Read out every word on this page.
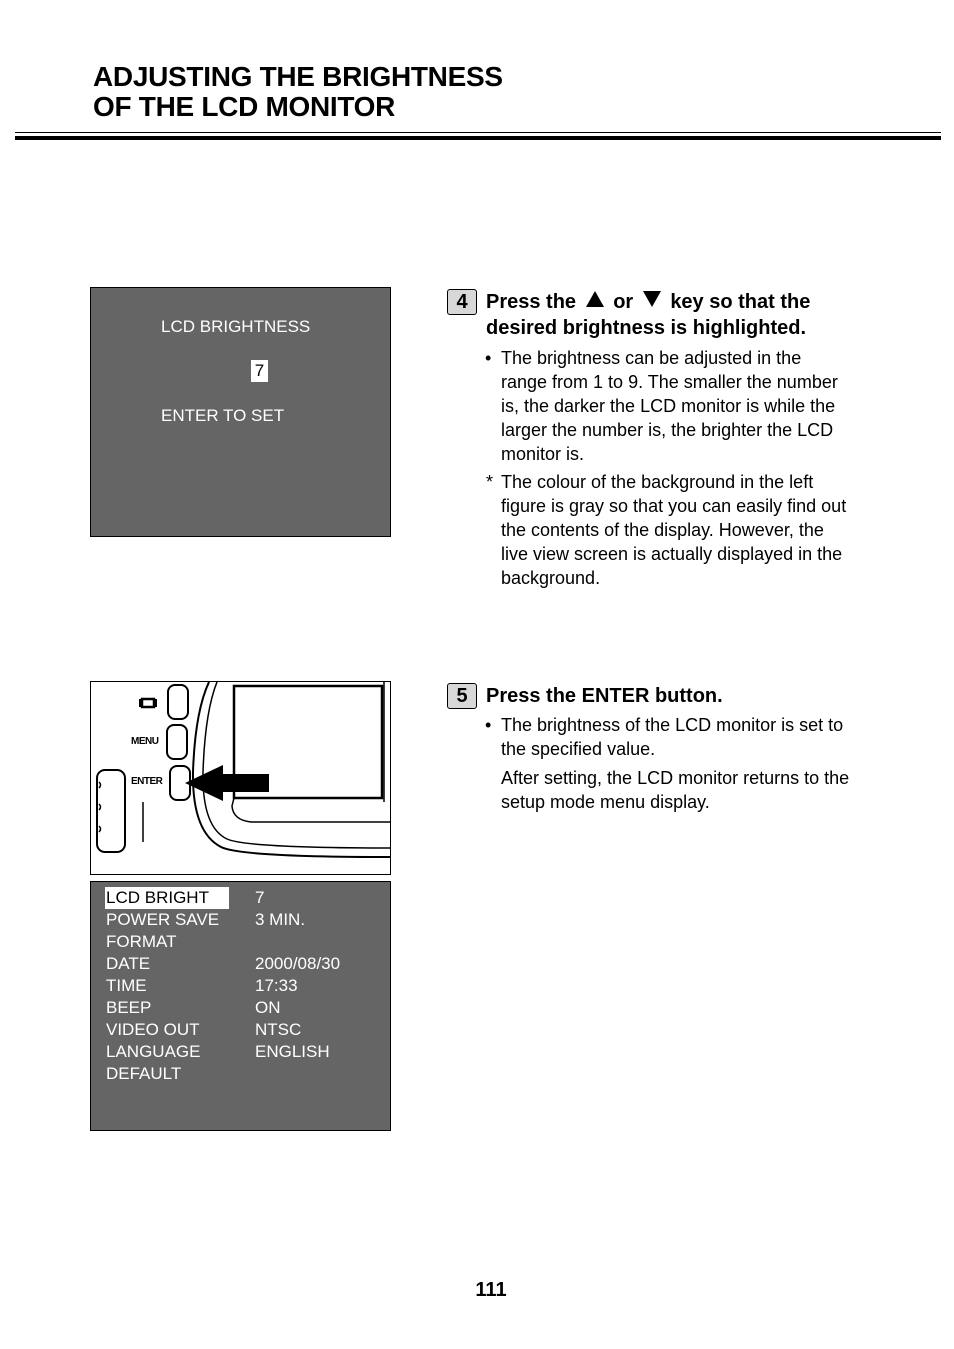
ADJUSTING THE BRIGHTNESS
OF THE LCD MONITOR
LCD BRIGHTNESS
7
ENTER TO SET
4 Press the or key so that the
desired brightness is highlighted.
• The brightness can be adjusted in the
range from 1 to 9. The smaller the number
is, the darker the LCD monitor is while the
larger the number is, the brighter the LCD
monitor is.
* The colour of the background in the left
figure is gray so that you can easily find out
the contents of the display. However, the
live view screen is actually displayed in the
background.
MENU
ENTER
5 Press the ENTER button.
• The brightness of the LCD monitor is set to
the specified value.
After setting, the LCD monitor returns to the
setup mode menu display.
LCD BRIGHT	7
POWER SAVE	3 MIN.
FORMAT
DATE	2000/08/30
TIME	17:33
BEEP	ON
VIDEO OUT	NTSC
LANGUAGE	ENGLISH
DEFAULT
111
